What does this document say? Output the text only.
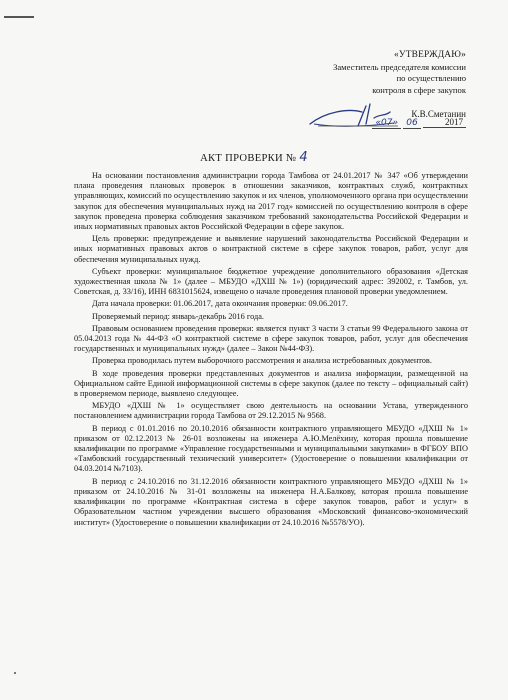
«УТВЕРЖДАЮ»
Заместитель председателя комиссии
по осуществлению
контроля в сфере закупок
К.В.Сметанин
«07» 06	2017
АКТ ПРОВЕРКИ № 4

На основании постановления администрации города Тамбова от 24.01.2017 № 347 «Об утверждении плана проведения плановых проверок в отношении заказчиков, контрактных служб, контрактных управляющих, комиссий по осуществлению закупок и их членов, уполномоченного органа при осуществлении закупок для обеспечения муниципальных нужд на 2017 год» комиссией по осуществлению контроля в сфере закупок проведена проверка соблюдения заказчиком требований законодательства Российской Федерации и иных нормативных правовых актов Российской Федерации в сфере закупок.

Цель проверки: предупреждение и выявление нарушений законодательства Российской Федерации и иных нормативных правовых актов о контрактной системе в сфере закупок товаров, работ, услуг для обеспечения муниципальных нужд.

Субъект проверки: муниципальное бюджетное учреждение дополнительного образования «Детская художественная школа № 1» (далее – МБУДО «ДХШ № 1») (юридический адрес: 392002, г. Тамбов, ул. Советская, д. 33/16), ИНН 6831015624, извещено о начале проведения плановой проверки уведомлением.

Дата начала проверки: 01.06.2017, дата окончания проверки: 09.06.2017.

Проверяемый период: январь-декабрь 2016 года.

Правовым основанием проведения проверки: является пункт 3 части 3 статьи 99 Федерального закона от 05.04.2013 года № 44-ФЗ «О контрактной системе в сфере закупок товаров, работ, услуг для обеспечения государственных и муниципальных нужд» (далее – Закон №44-ФЗ).

Проверка проводилась путем выборочного рассмотрения и анализа истребованных документов.

В ходе проведения проверки представленных документов и анализа информации, размещенной на Официальном сайте Единой информационной системы в сфере закупок (далее по тексту – официальный сайт) в проверяемом периоде, выявлено следующее.

МБУДО «ДХШ № 1» осуществляет свою деятельность на основании Устава, утвержденного постановлением администрации города Тамбова от 29.12.2015 № 9568.

В период с 01.01.2016 по 20.10.2016 обязанности контрактного управляющего МБУДО «ДХШ № 1» приказом от 02.12.2013 № 26-01 возложены на инженера А.Ю.Мелёхину, которая прошла повышение квалификации по программе «Управление государственными и муниципальными закупками» в ФГБОУ ВПО «Тамбовский государственный технический университет» (Удостоверение о повышении квалификации от 04.03.2014 №7103).

В период с 24.10.2016 по 31.12.2016 обязанности контрактного управляющего МБУДО «ДХШ № 1» приказом от 24.10.2016 № 31-01 возложены на инженера Н.А.Балкову, которая прошла повышение квалификации по программе «Контрактная система в сфере закупок товаров, работ и услуг» в Образовательном частном учреждении высшего образования «Московский финансово-экономический институт» (Удостоверение о повышении квалификации от 24.10.2016 №5578/УО).
